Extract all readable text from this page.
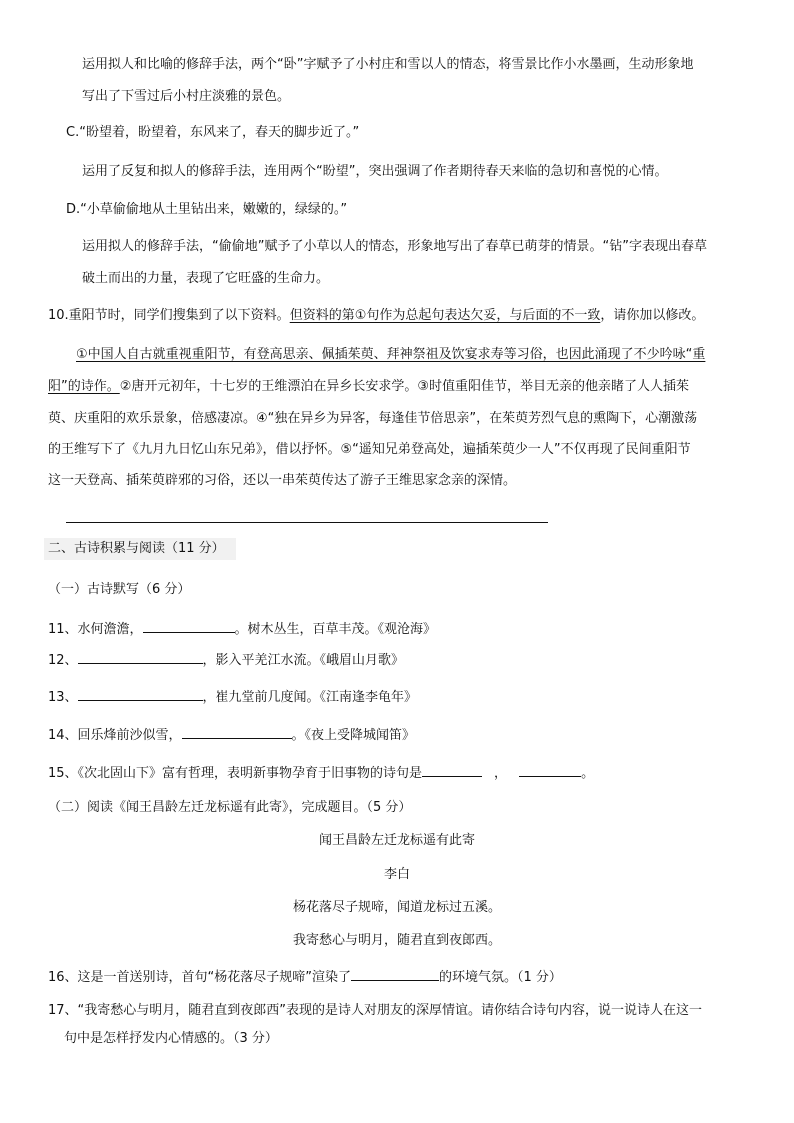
运用拟人和比喻的修辞手法，两个“卧”字赋予了小村庄和雪以人的情态，将雪景比作小水墨画，生动形象地
写出了下雪过后小村庄淡雅的景色。
C.“盼望着，盼望着，东风来了，春天的脚步近了。”
运用了反复和拟人的修辞手法，连用两个“盼望”，突出强调了作者期待春天来临的急切和喜悦的心情。
D.“小草偷偷地从土里钻出来，嫩嫩的，绿绿的。”
运用拟人的修辞手法，“偷偷地”赋予了小草以人的情态，形象地写出了春草已萌芽的情景。“钻”字表现出春草
破土而出的力量，表现了它旺盛的生命力。
10.重阳节时，同学们搜集到了以下资料。但资料的第①句作为总起句表达欠妥，与后面的不一致，请你加以修改。
①中国人自古就重视重阳节，有登高思亲、佩插茱萸、拜神祭祖及饮宴求寿等习俗，也因此涌现了不少吟咏“重
阳”的诗作。②唐开元初年，十七岁的王维漂泊在异乡长安求学。③时值重阳佳节，举目无亲的他亲睹了人人插茱
萸、庆重阳的欢乐景象，倍感凄凉。④“独在异乡为异客，每逢佳节倍思亲”，在茱萸芳烈气息的熏陶下，心潮激荡
的王维写下了《九月九日忆山东兄弟》，借以抒怀。⑤“遥知兄弟登高处，遍插茱萸少一人”不仅再现了民间重阳节
这一天登高、插茱萸辟邪的习俗，还以一串茱萸传达了游子王维思家念亲的深情。
二、古诗积累与阅读（11 分）
（一）古诗默写（6 分）
11、水何澹澹，	。树木丛生，百草丰茂。《观沧海》
12、	，影入平羌江水流。《峨眉山月歌》
13、	，崔九堂前几度闻。《江南逢李龟年》
14、回乐烽前沙似雪，	。《夜上受降城闻笛》
15、《次北固山下》富有哲理，表明新事物孕育于旧事物的诗句是	，	。
（二）阅读《闻王昌龄左迁龙标遥有此寄》，完成题目。（5 分）
闻王昌龄左迁龙标遥有此寄
李白
杨花落尽子规啼，闻道龙标过五溪。
我寄愁心与明月，随君直到夜郎西。
16、这是一首送别诗，首句“杨花落尽子规啼”渲染了	的环境气氛。（1 分）
17、“我寄愁心与明月，随君直到夜郎西”表现的是诗人对朋友的深厚情谊。请你结合诗句内容，说一说诗人在这一
句中是怎样抒发内心情感的。（3 分）
